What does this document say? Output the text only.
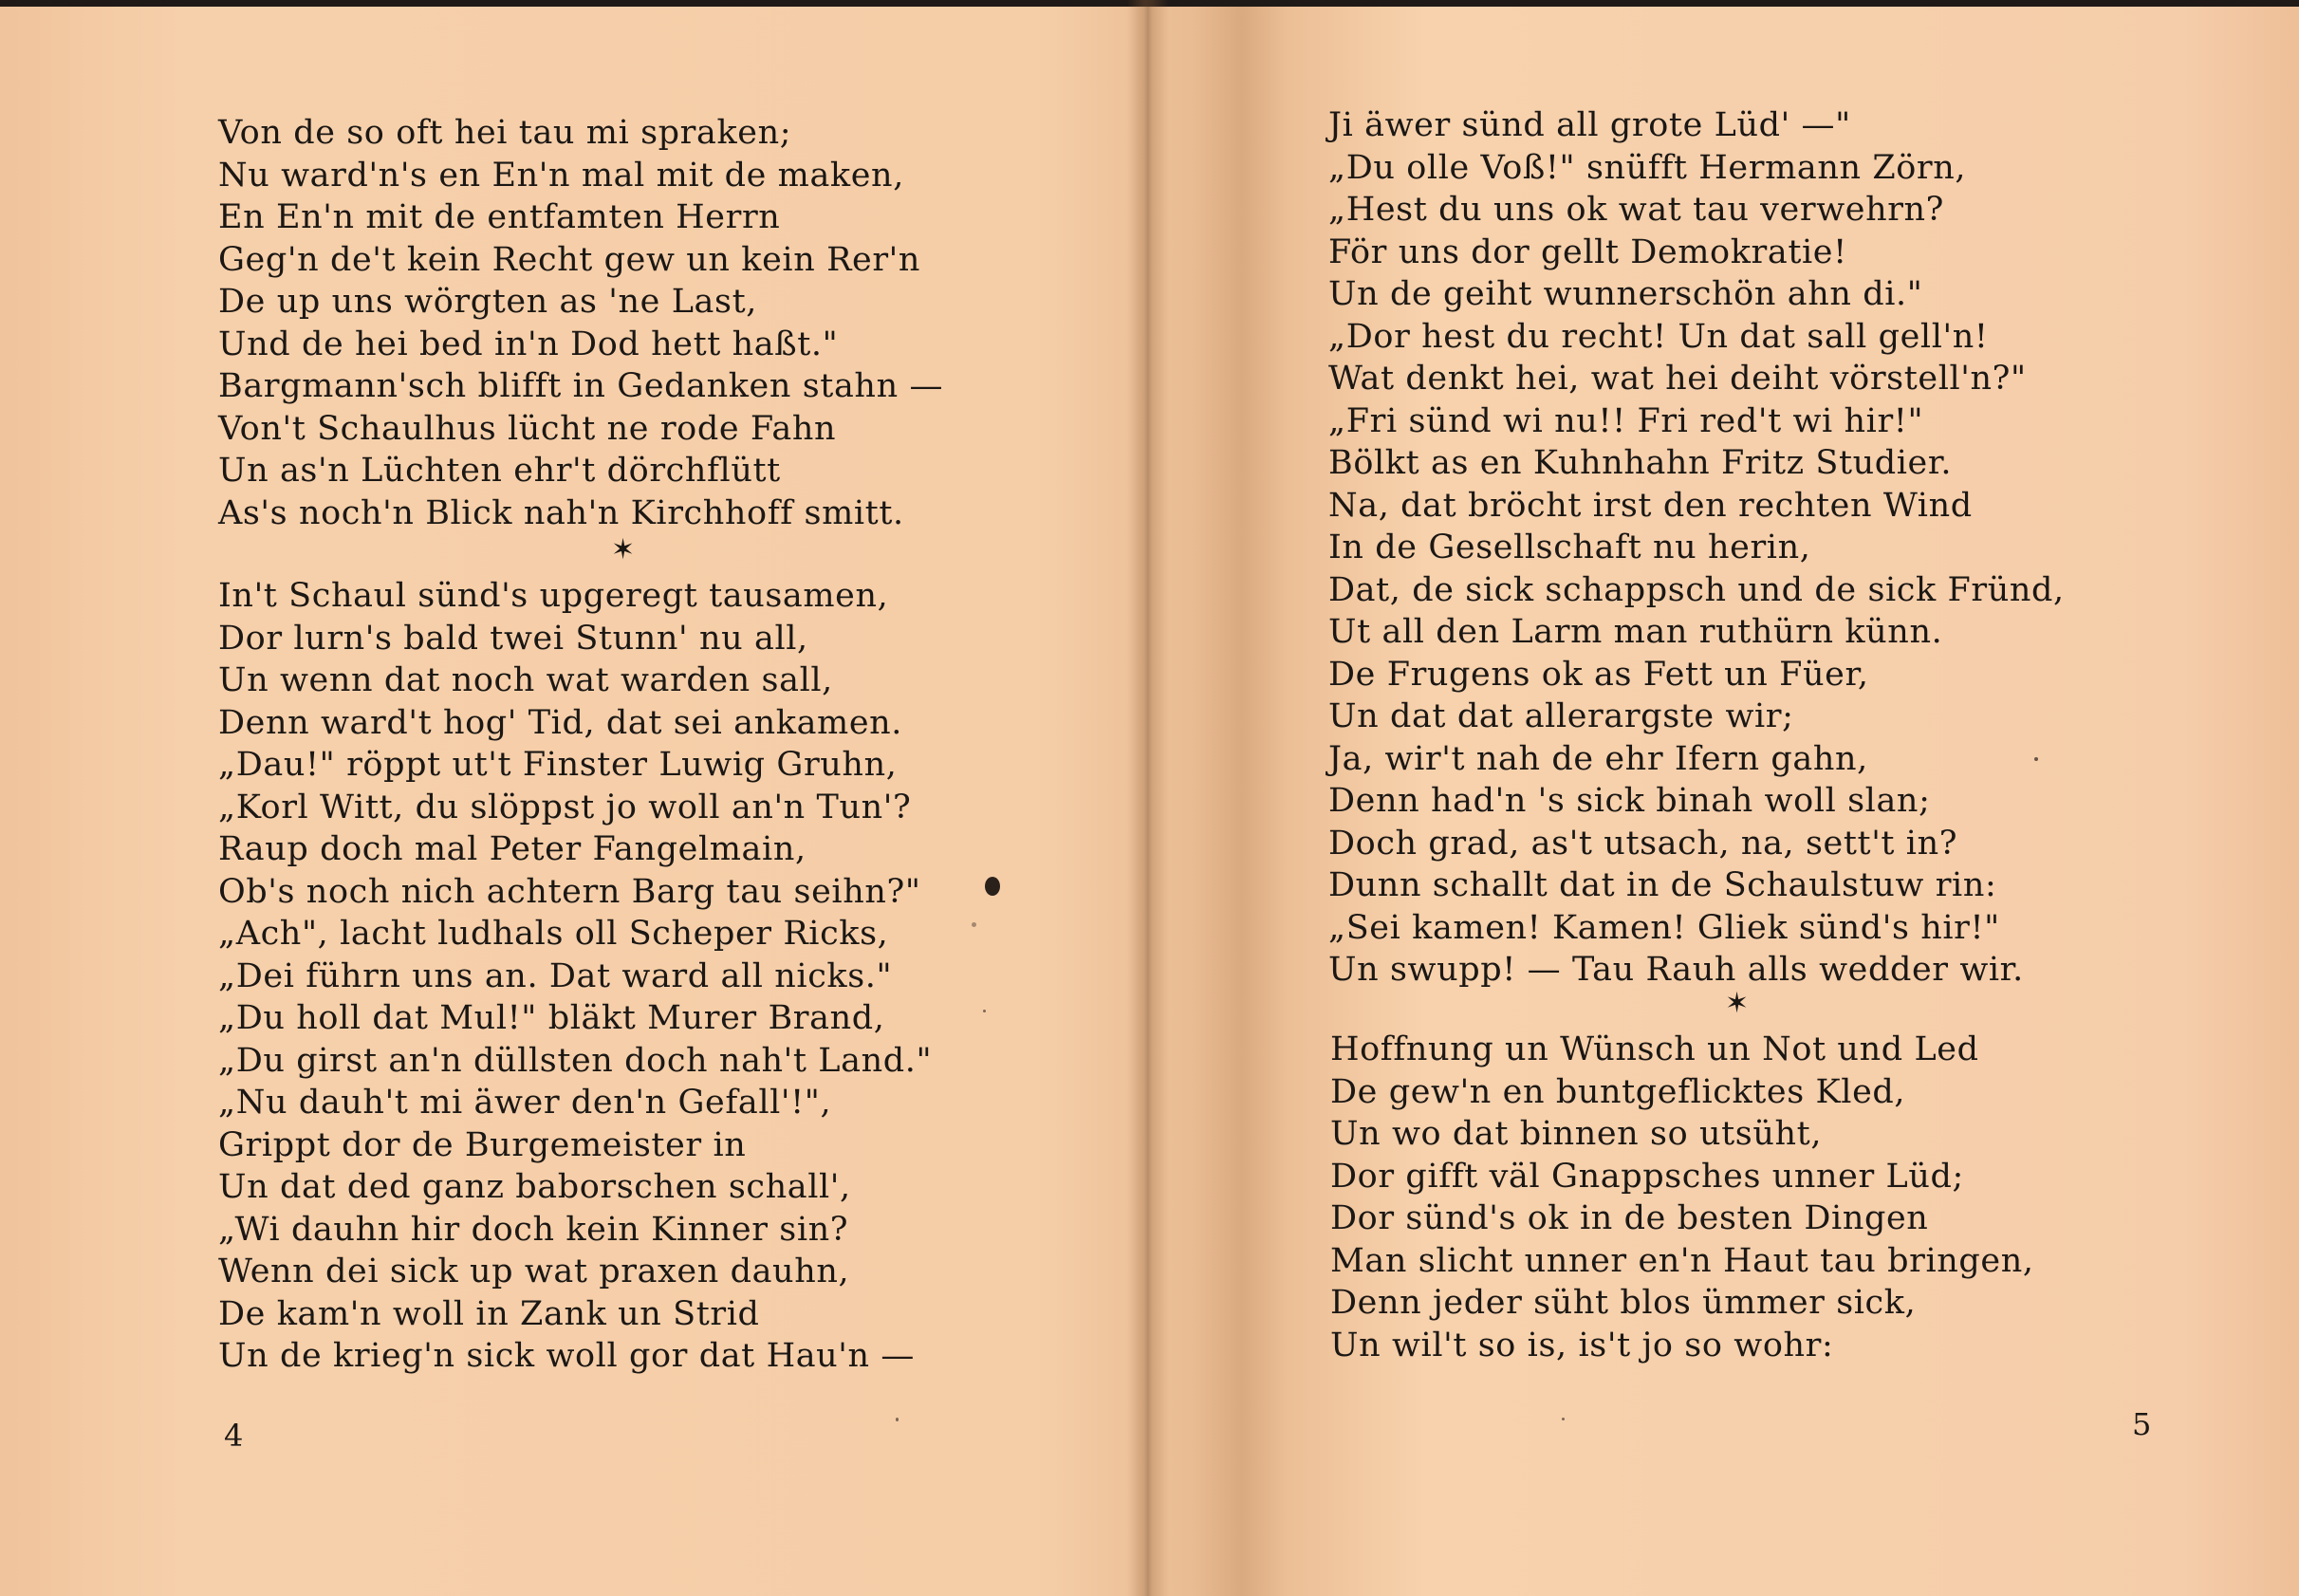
Von de so oft hei tau mi spraken;
Nu ward'n's en En'n mal mit de maken,
En En'n mit de entfamten Herrn
Geg'n de't kein Recht gew un kein Rer'n
De up uns wörgten as 'ne Last,
Und de hei bed in'n Dod hett haßt."
Bargmann'sch blifft in Gedanken stahn —
Von't Schaulhus lücht ne rode Fahn
Un as'n Lüchten ehr't dörchflütt
As's noch'n Blick nah'n Kirchhoff smitt.
✶
In't Schaul sünd's upgeregt tausamen,
Dor lurn's bald twei Stunn' nu all,
Un wenn dat noch wat warden sall,
Denn ward't hog' Tid, dat sei ankamen.
„Dau!" röppt ut't Finster Luwig Gruhn,
„Korl Witt, du slöppst jo woll an'n Tun'?
Raup doch mal Peter Fangelmain,
Ob's noch nich achtern Barg tau seihn?"
„Ach", lacht ludhals oll Scheper Ricks,
„Dei führn uns an. Dat ward all nicks."
„Du holl dat Mul!" bläkt Murer Brand,
„Du girst an'n düllsten doch nah't Land."
„Nu dauh't mi äwer den'n Gefall'!",
Grippt dor de Burgemeister in
Un dat ded ganz baborschen schall',
„Wi dauhn hir doch kein Kinner sin?
Wenn dei sick up wat praxen dauhn,
De kam'n woll in Zank un Strid
Un de krieg'n sick woll gor dat Hau'n —
4
Ji äwer sünd all grote Lüd' —"
„Du olle Voß!" snüfft Hermann Zörn,
„Hest du uns ok wat tau verwehrn?
För uns dor gellt Demokratie!
Un de geiht wunnerschön ahn di."
„Dor hest du recht! Un dat sall gell'n!
Wat denkt hei, wat hei deiht vörstell'n?"
„Fri sünd wi nu!! Fri red't wi hir!"
Bölkt as en Kuhnhahn Fritz Studier.
Na, dat bröcht irst den rechten Wind
In de Gesellschaft nu herin,
Dat, de sick schappsch und de sick Fründ,
Ut all den Larm man ruthürn künn.
De Frugens ok as Fett un Füer,
Un dat dat allerargste wir;
Ja, wir't nah de ehr Ifern gahn,
Denn had'n 's sick binah woll slan;
Doch grad, as't utsach, na, sett't in?
Dunn schallt dat in de Schaulstuw rin:
„Sei kamen! Kamen! Gliek sünd's hir!"
Un swupp! — Tau Rauh alls wedder wir.
✶
Hoffnung un Wünsch un Not und Led
De gew'n en buntgeflicktes Kled,
Un wo dat binnen so utsüht,
Dor gifft väl Gnappsches unner Lüd;
Dor sünd's ok in de besten Dingen
Man slicht unner en'n Haut tau bringen,
Denn jeder süht blos ümmer sick,
Un wil't so is, is't jo so wohr:
5
